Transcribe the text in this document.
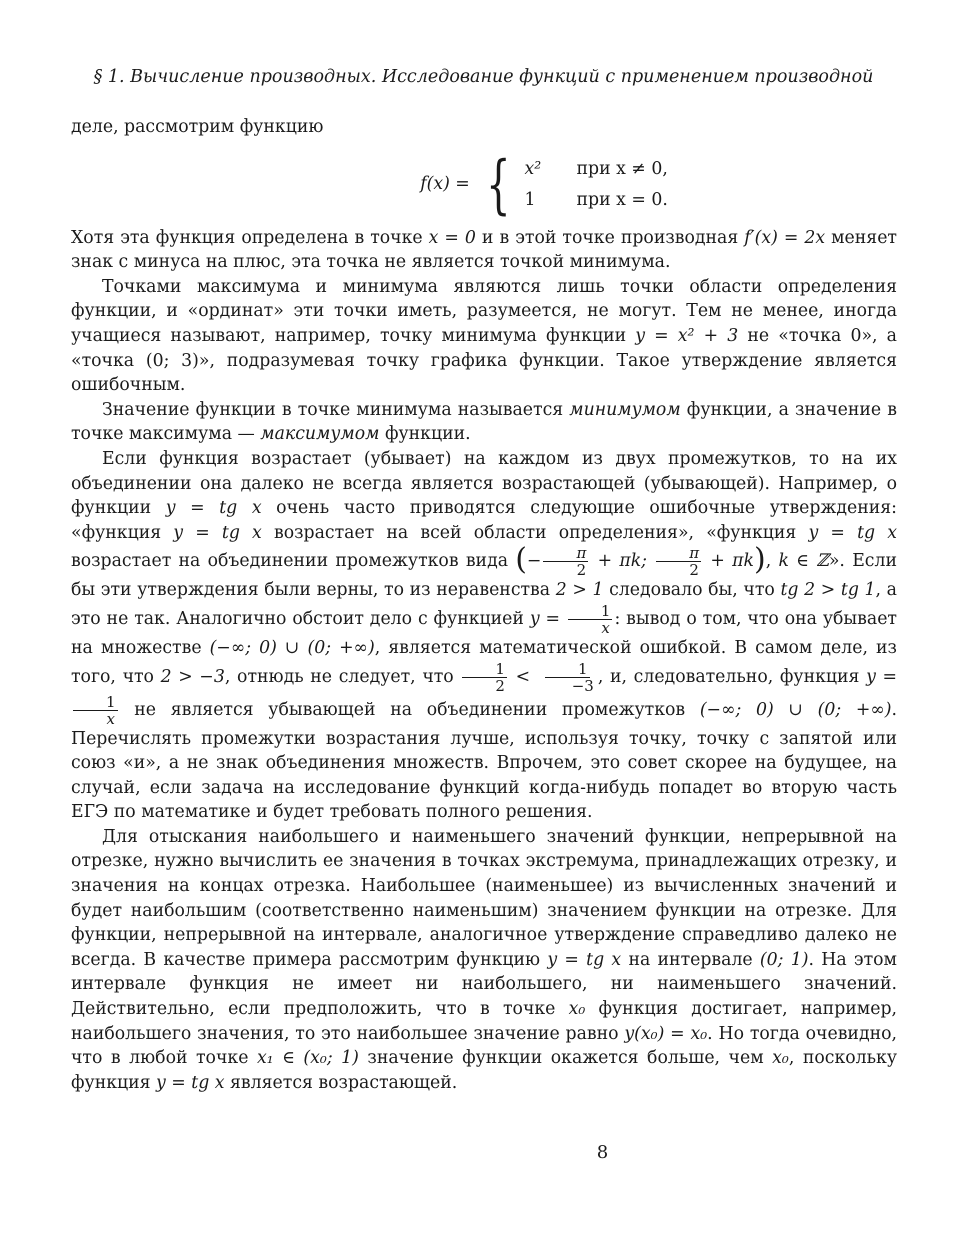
§ 1. Вычисление производных. Исследование функций с применением производной

деле, рассмотрим функцию

f(x) = { x² при x ≠ 0,
1 при x = 0.

Хотя эта функция определена в точке x = 0 и в этой точке производная f′(x) = 2x меняет знак с минуса на плюс, эта точка не является точкой минимума.

Точками максимума и минимума являются лишь точки области определения функции, и «ординат» эти точки иметь, разумеется, не могут. Тем не менее, иногда учащиеся называют, например, точку минимума функции y = x² + 3 не «точка 0», а «точка (0; 3)», подразумевая точку графика функции. Такое утверждение является ошибочным.

Значение функции в точке минимума называется минимумом функции, а значение в точке максимума — максимумом функции.

Если функция возрастает (убывает) на каждом из двух промежутков, то на их объединении она далеко не всегда является возрастающей (убывающей). Например, о функции y = tg x очень часто приводятся следующие ошибочные утверждения: «функция y = tg x возрастает на всей области определения», «функция y = tg x возрастает на объединении промежутков вида (− $\frac{\pi}{2} + \pi k$; $\frac{\pi}{2} + \pi k$), k ∈ ℤ». Если бы эти утверждения были верны, то из неравенства 2 > 1 следовало бы, что tg 2 > tg 1, а это не так. Аналогично обстоит дело с функцией $y = \frac{1}{x}$ : вывод о том, что она убывает на множестве (−∞; 0) ∪ (0; +∞), является математической ошибкой. В самом деле, из того, что 2 > −3, отнюдь не следует, что $\frac{1}{2} < \frac{1}{-3}$ , и, следовательно, функция y =
$\frac{1}{x}$ не является убывающей на объединении промежутков (−∞; 0) ∪ (0; +∞). Перечислять промежутки возрастания лучше, используя точку, точку с запятой или союз «и», а не знак объединения множеств. Впрочем, это совет скорее на будущее, на случай, если задача на исследование функций когда-нибудь попадет во вторую часть ЕГЭ по математике и будет требовать полного решения.

Для отыскания наибольшего и наименьшего значений функции, непрерывной на отрезке, нужно вычислить ее значения в точках экстремума, принадлежащих отрезку, и значения на концах отрезка. Наибольшее (наименьшее) из вычисленных значений и будет наибольшим (соответственно наименьшим) значением функции на отрезке. Для функции, непрерывной на интервале, аналогичное утверждение справедливо далеко не всегда. В качестве примера рассмотрим функцию y = tg x на интервале (0; 1). На этом интервале функция не имеет ни наибольшего, ни наименьшего значений. Действительно, если предположить, что в точке x₀ функция достигает, например, наибольшего значения, то это наибольшее значение равно y(x₀) = x₀. Но тогда очевидно, что в любой точке x₁ ∈ (x₀; 1) значение функции окажется больше, чем x₀, поскольку функция y = tg x является возрастающей.

8
